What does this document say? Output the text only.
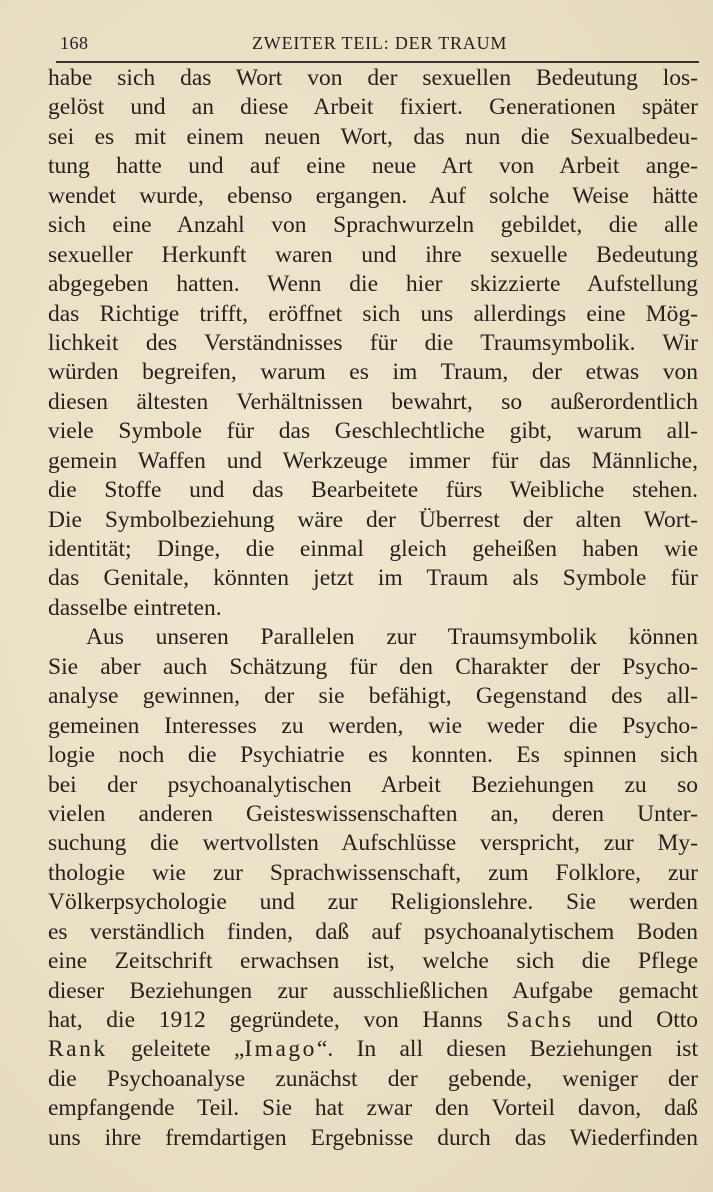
168	ZWEITER TEIL: DER TRAUM
habe sich das Wort von der sexuellen Bedeutung los-
gelöst und an diese Arbeit fixiert. Generationen später
sei es mit einem neuen Wort, das nun die Sexualbedeu-
tung hatte und auf eine neue Art von Arbeit ange-
wendet wurde, ebenso ergangen. Auf solche Weise hätte
sich eine Anzahl von Sprachwurzeln gebildet, die alle
sexueller Herkunft waren und ihre sexuelle Bedeutung
abgegeben hatten. Wenn die hier skizzierte Aufstellung
das Richtige trifft, eröffnet sich uns allerdings eine Mög-
lichkeit des Verständnisses für die Traumsymbolik. Wir
würden begreifen, warum es im Traum, der etwas von
diesen ältesten Verhältnissen bewahrt, so außerordentlich
viele Symbole für das Geschlechtliche gibt, warum all-
gemein Waffen und Werkzeuge immer für das Männliche,
die Stoffe und das Bearbeitete fürs Weibliche stehen.
Die Symbolbeziehung wäre der Überrest der alten Wort-
identität; Dinge, die einmal gleich geheißen haben wie
das Genitale, könnten jetzt im Traum als Symbole für
dasselbe eintreten.
Aus unseren Parallelen zur Traumsymbolik können
Sie aber auch Schätzung für den Charakter der Psycho-
analyse gewinnen, der sie befähigt, Gegenstand des all-
gemeinen Interesses zu werden, wie weder die Psycho-
logie noch die Psychiatrie es konnten. Es spinnen sich
bei der psychoanalytischen Arbeit Beziehungen zu so
vielen anderen Geisteswissenschaften an, deren Unter-
suchung die wertvollsten Aufschlüsse verspricht, zur My-
thologie wie zur Sprachwissenschaft, zum Folklore, zur
Völkerpsychologie und zur Religionslehre. Sie werden
es verständlich finden, daß auf psychoanalytischem Boden
eine Zeitschrift erwachsen ist, welche sich die Pflege
dieser Beziehungen zur ausschließlichen Aufgabe gemacht
hat, die 1912 gegründete, von Hanns Sachs und Otto
Rank geleitete „Imago“. In all diesen Beziehungen ist
die Psychoanalyse zunächst der gebende, weniger der
empfangende Teil. Sie hat zwar den Vorteil davon, daß
uns ihre fremdartigen Ergebnisse durch das Wiederfinden
